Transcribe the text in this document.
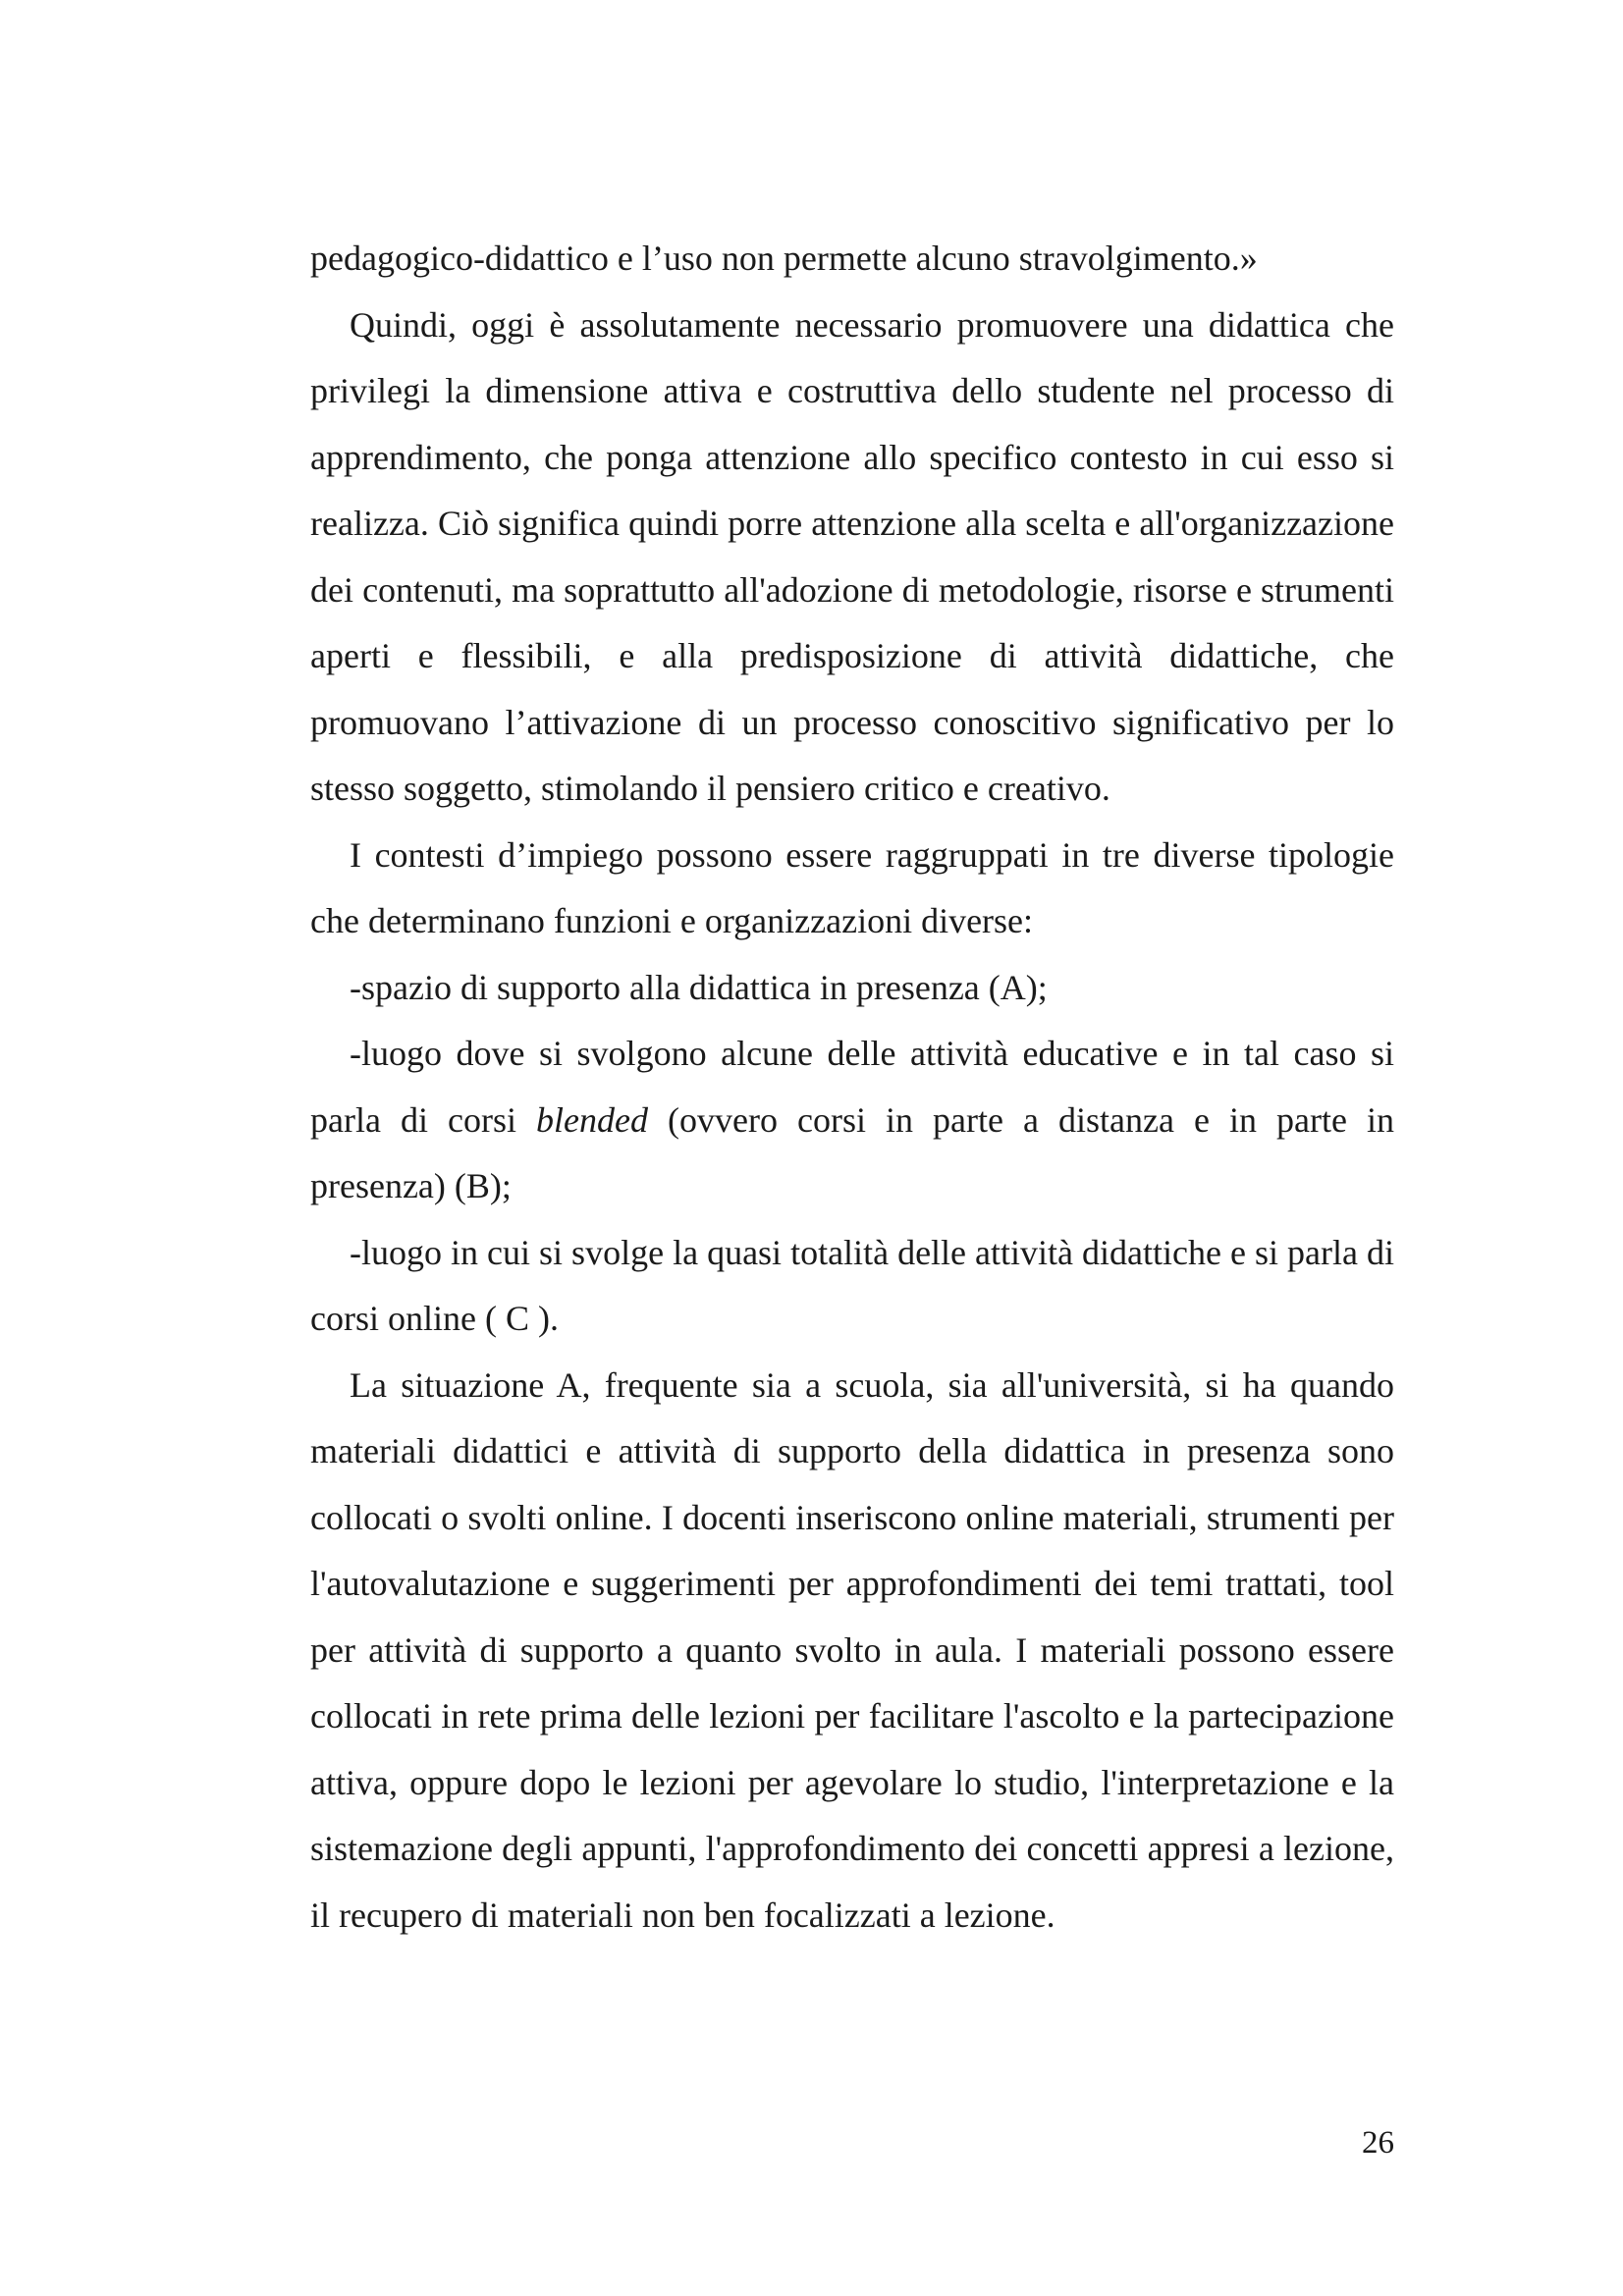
pedagogico-didattico e l’uso non permette alcuno stravolgimento.»

Quindi, oggi è assolutamente necessario promuovere una didattica che privilegi la dimensione attiva e costruttiva dello studente nel processo di apprendimento, che ponga attenzione allo specifico contesto in cui esso si realizza. Ciò significa quindi porre attenzione alla scelta e all'organizzazione dei contenuti, ma soprattutto all'adozione di metodologie, risorse e strumenti aperti e flessibili, e alla predisposizione di attività didattiche, che promuovano l’attivazione di un processo conoscitivo significativo per lo stesso soggetto, stimolando il pensiero critico e creativo.

I contesti d’impiego possono essere raggruppati in tre diverse tipologie che determinano funzioni e organizzazioni diverse:

-spazio di supporto alla didattica in presenza (A);

-luogo dove si svolgono alcune delle attività educative e in tal caso si parla di corsi blended (ovvero corsi in parte a distanza e in parte in presenza) (B);

-luogo in cui si svolge la quasi totalità delle attività didattiche e si parla di corsi online ( C ).

La situazione A, frequente sia a scuola, sia all'università, si ha quando materiali didattici e attività di supporto della didattica in presenza sono collocati o svolti online. I docenti inseriscono online materiali, strumenti per l'autovalutazione e suggerimenti per approfondimenti dei temi trattati, tool per attività di supporto a quanto svolto in aula. I materiali possono essere collocati in rete prima delle lezioni per facilitare l'ascolto e la partecipazione attiva, oppure dopo le lezioni per agevolare lo studio, l'interpretazione e la sistemazione degli appunti, l'approfondimento dei concetti appresi a lezione, il recupero di materiali non ben focalizzati a lezione.

26
